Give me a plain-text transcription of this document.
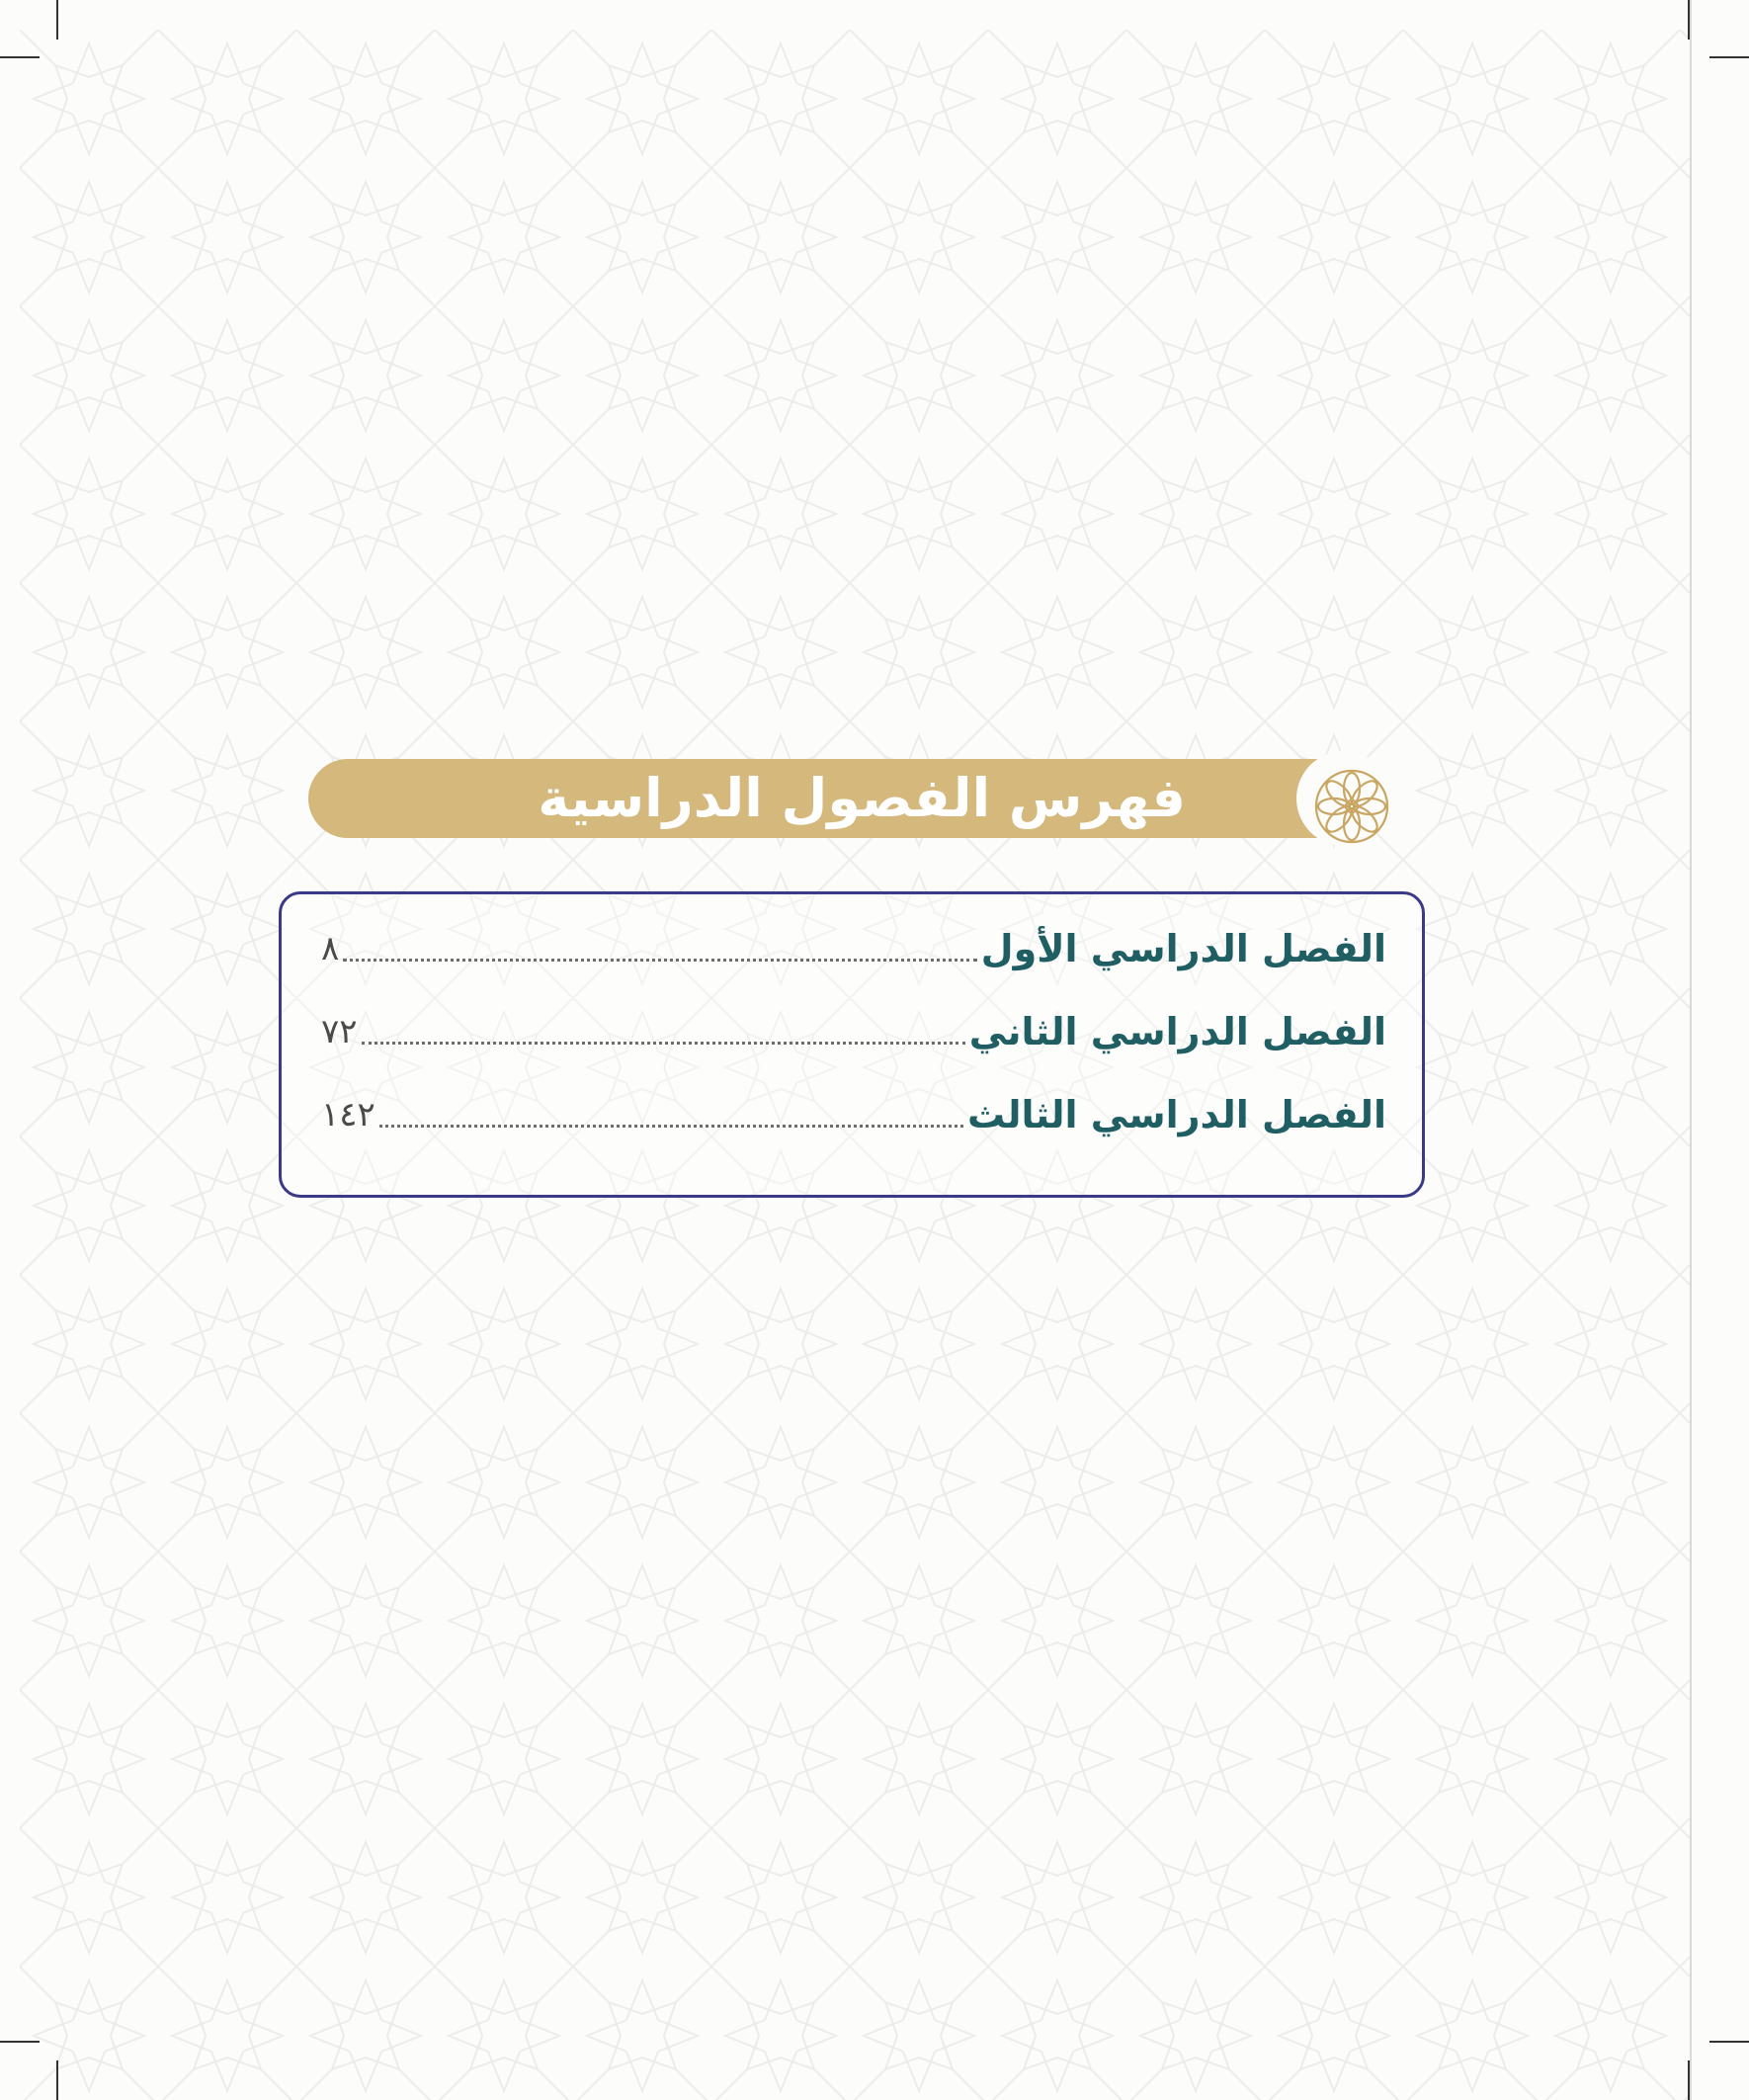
فهرس الفصول الدراسية
الفصل الدراسي الأول
٨
الفصل الدراسي الثاني
٧٢
الفصل الدراسي الثالث
١٤٢
